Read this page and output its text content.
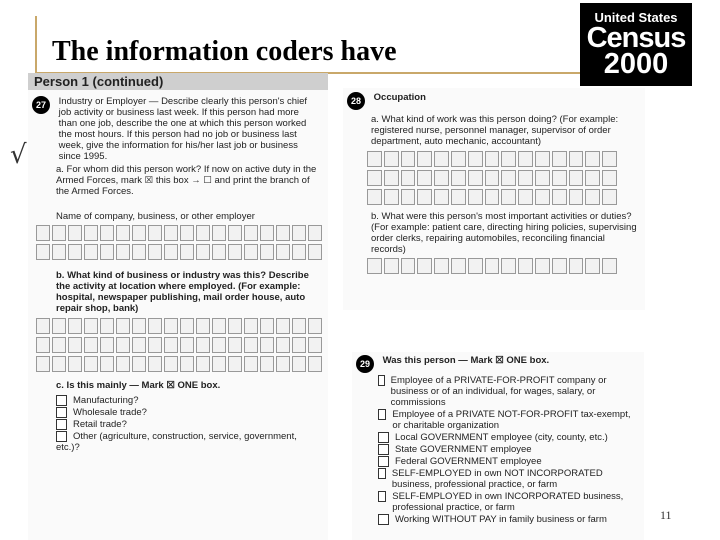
The information coders have
United States
Census
2000
Person 1 (continued)
27 Industry or Employer — Describe clearly this person's chief job activity or business last week. If this person had more than one job, describe the one at which this person worked the most hours. If this person had no job or business last week, give the information for his/her last job or business since 1995.
a. For whom did this person work? If now on active duty in the Armed Forces, mark ☒ this box → ☐ and print the branch of the Armed Forces.
Name of company, business, or other employer
b. What kind of business or industry was this? Describe the activity at location where employed. (For example: hospital, newspaper publishing, mail order house, auto repair shop, bank)
c. Is this mainly — Mark ☒ ONE box.
Manufacturing?
Wholesale trade?
Retail trade?
Other (agriculture, construction, service, government, etc.)?
√
28 Occupation
a. What kind of work was this person doing? (For example: registered nurse, personnel manager, supervisor of order department, auto mechanic, accountant)
b. What were this person's most important activities or duties? (For example: patient care, directing hiring policies, supervising order clerks, repairing automobiles, reconciling financial records)
29 Was this person — Mark ☒ ONE box.
Employee of a PRIVATE-FOR-PROFIT company or business or of an individual, for wages, salary, or commissions
Employee of a PRIVATE NOT-FOR-PROFIT tax-exempt, or charitable organization
Local GOVERNMENT employee (city, county, etc.)
State GOVERNMENT employee
Federal GOVERNMENT employee
SELF-EMPLOYED in own NOT INCORPORATED business, professional practice, or farm
SELF-EMPLOYED in own INCORPORATED business, professional practice, or farm
Working WITHOUT PAY in family business or farm	11
